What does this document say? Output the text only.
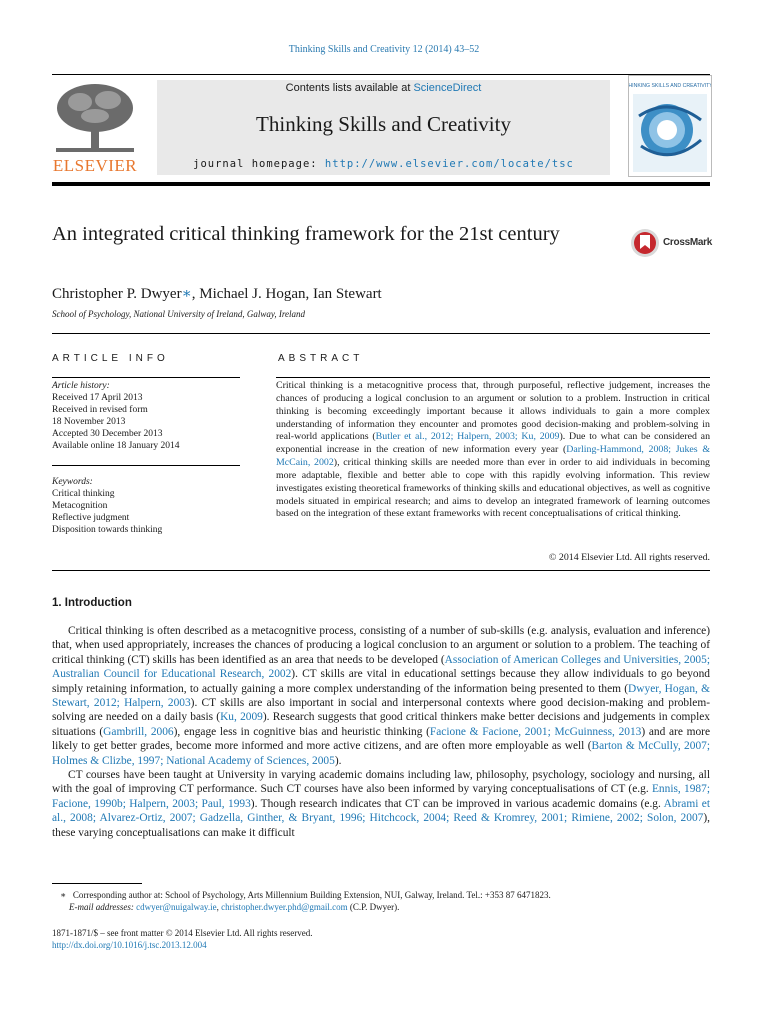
Thinking Skills and Creativity 12 (2014) 43–52
ELSEVIER
Contents lists available at ScienceDirect
Thinking Skills and Creativity
journal homepage: http://www.elsevier.com/locate/tsc
THINKING SKILLS AND CREATIVITY
An integrated critical thinking framework for the 21st century	CrossMark
Christopher P. Dwyer∗, Michael J. Hogan, Ian Stewart
School of Psychology, National University of Ireland, Galway, Ireland
ARTICLE INFO
Article history:
Received 17 April 2013
Received in revised form
18 November 2013
Accepted 30 December 2013
Available online 18 January 2014
Keywords:
Critical thinking
Metacognition
Reflective judgment
Disposition towards thinking
ABSTRACT
Critical thinking is a metacognitive process that, through purposeful, reflective judgement, increases the chances of producing a logical conclusion to an argument or solution to a problem. Instruction in critical thinking is becoming exceedingly important because it allows individuals to gain a more complex understanding of information they encounter and promotes good decision-making and problem-solving in real-world applications (Butler et al., 2012; Halpern, 2003; Ku, 2009). Due to what can be considered an exponential increase in the creation of new information every year (Darling-Hammond, 2008; Jukes & McCain, 2002), critical thinking skills are needed more than ever in order to aid individuals in becoming more adaptable, flexible and better able to cope with this rapidly evolving information. This review investigates existing theoretical frameworks of thinking skills and educational objectives, as well as cognitive models situated in empirical research; and aims to develop an integrated framework of learning outcomes based on the integration of these extant frameworks with recent conceptualisations of critical thinking.
© 2014 Elsevier Ltd. All rights reserved.
1. Introduction

Critical thinking is often described as a metacognitive process, consisting of a number of sub-skills (e.g. analysis, evaluation and inference) that, when used appropriately, increases the chances of producing a logical conclusion to an argument or solution to a problem. The teaching of critical thinking (CT) skills has been identified as an area that needs to be developed (Association of American Colleges and Universities, 2005; Australian Council for Educational Research, 2002). CT skills are vital in educational settings because they allow individuals to go beyond simply retaining information, to actually gaining a more complex understanding of the information being presented to them (Dwyer, Hogan, & Stewart, 2012; Halpern, 2003). CT skills are also important in social and interpersonal contexts where good decision-making and problem-solving are needed on a daily basis (Ku, 2009). Research suggests that good critical thinkers make better decisions and judgements in complex situations (Gambrill, 2006), engage less in cognitive bias and heuristic thinking (Facione & Facione, 2001; McGuinness, 2013) and are more likely to get better grades, become more informed and more active citizens, and are often more employable as well (Barton & McCully, 2007; Holmes & Clizbe, 1997; National Academy of Sciences, 2005).

CT courses have been taught at University in varying academic domains including law, philosophy, psychology, sociology and nursing, all with the goal of improving CT performance. Such CT courses have also been informed by varying conceptualisations of CT (e.g. Ennis, 1987; Facione, 1990b; Halpern, 2003; Paul, 1993). Though research indicates that CT can be improved in various academic domains (e.g. Abrami et al., 2008; Alvarez-Ortiz, 2007; Gadzella, Ginther, & Bryant, 1996; Hitchcock, 2004; Reed & Kromrey, 2001; Rimiene, 2002; Solon, 2007), these varying conceptualisations can make it difficult

∗ Corresponding author at: School of Psychology, Arts Millennium Building Extension, NUI, Galway, Ireland. Tel.: +353 87 6471823.
E-mail addresses: cdwyer@nuigalway.ie, christopher.dwyer.phd@gmail.com (C.P. Dwyer).
1871-1871/$ – see front matter © 2014 Elsevier Ltd. All rights reserved.
http://dx.doi.org/10.1016/j.tsc.2013.12.004
